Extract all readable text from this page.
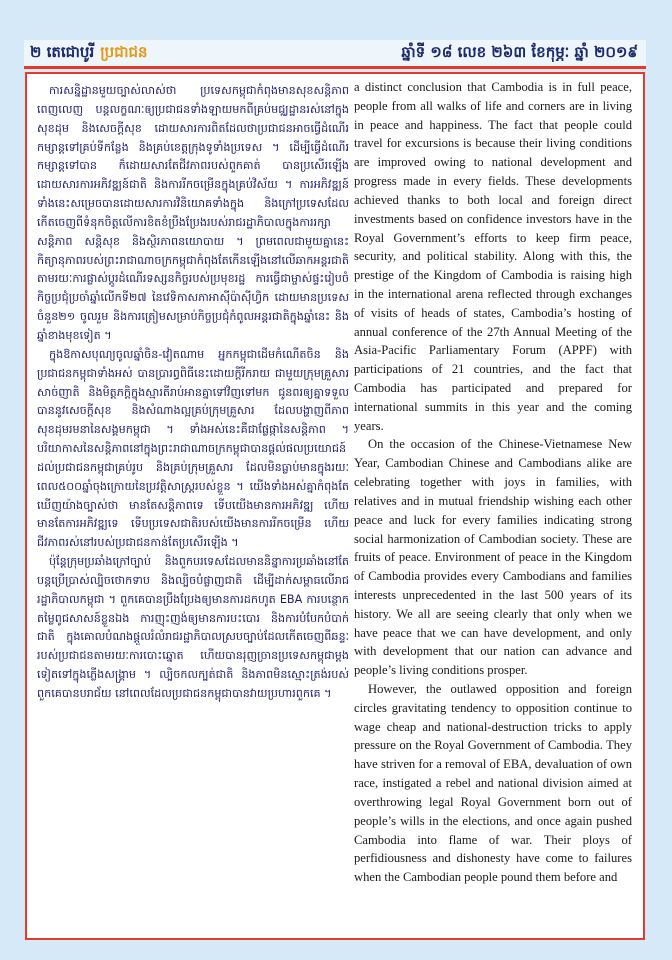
២ តេជោបូរី ប្រជាជន	ឆ្នាំទី ១៨ លេខ ២៦៣ ខែកុម្ភៈ ឆ្នាំ ២០១៩

ការសន្និដ្ឋានមួយច្បាស់លាស់ថា ប្រទេសកម្ពុជាកំពុងមានសុខសន្តិភាពពេញលេញ បន្តលក្ខណៈឲ្យប្រជាជនទាំងឡាយមកពីគ្រប់មជ្ឈដ្ឋានរស់នៅក្នុងសុខដុម និងសេចក្តីសុខ ដោយសារការពិតដែលថាប្រជាជនអាចធ្វើដំណើរកម្សាន្តទៅគ្រប់ទីកន្លែង និងគ្រប់ខេត្តក្រុងទូទាំងប្រទេស ។ ដើម្បីធ្វើដំណើរកម្សាន្តទៅបាន ក៏ដោយសារតែជីវភាពរបស់ពួកគាត់ បានប្រសើរឡើងដោយសារការអភិវឌ្ឍន៍ជាតិ និងការរីកចម្រើនក្នុងគ្រប់វិស័យ ។ ការអភិវឌ្ឍន៍ទាំងនេះសម្រេចបានដោយសារការវិនិយោគទាំងក្នុង និងក្រៅប្រទេសដែលកើតចេញពីទំនុកចិត្តលើការខិតខំប្រឹងប្រែងរបស់រាជរដ្ឋាភិបាលក្នុងការរក្សាសន្តិភាព សន្តិសុខ និងស្ថិរភាពនយោបាយ ។ ព្រមពេលជាមួយគ្នានេះ កិត្យានុភាពរបស់ព្រះរាជាណាចក្រកម្ពុជាកំពុងតែកើនឡើងនៅលើឆាកអន្តរជាតិ តាមរយៈការផ្លាស់ប្តូរដំណើរទស្សនកិច្ចរបស់ប្រមុខរដ្ឋ ការធ្វើជាម្ចាស់ផ្ទះរៀបចំកិច្ចប្រជុំប្រចាំឆ្នាំលើកទី២៧ នៃវេទិកាសភាអាស៊ីប៉ាស៊ីហ្វិក ដោយមានប្រទេសចំនួន២១ ចូលរួម និងការត្រៀមសម្រាប់កិច្ចប្រជុំកំពូលអន្តរជាតិក្នុងឆ្នាំនេះ និងឆ្នាំខាងមុខទៀត ។

ក្នុងឱកាសបុណ្យចូលឆ្នាំចិន-វៀតណាម អ្នកកម្ពុជាដើមកំណើតចិន និងប្រជាជនកម្ពុជាទាំងអស់ បានប្រារព្ធពិធីនេះដោយក្តីរីករាយ ជាមួយក្រុមគ្រួសារ សាច់ញាតិ និងមិត្តភក្តិក្នុងស្មារតីរាប់អានគ្នាទៅវិញទៅមក ជូនពរឲ្យគ្នាទទួលបាននូវសេចក្តីសុខ និងសំណាងល្អគ្រប់ក្រុមគ្រួសារ ដែលបង្ហាញពីភាពសុខដុមរមនានៃសង្គមកម្ពុជា ។ ទាំងអស់នេះគឺជាផ្លែផ្កានៃសន្តិភាព ។ បរិយាកាសនៃសន្តិភាពនៅក្នុងព្រះរាជាណាចក្រកម្ពុជាបានផ្តល់ផលប្រយោជន៍ដល់ប្រជាជនកម្ពុជាគ្រប់រូប និងគ្រប់ក្រុមគ្រួសារ ដែលមិនធ្លាប់មានក្នុងរយៈពេល៥០០ឆ្នាំចុងក្រោយនៃប្រវត្តិសាស្ត្ររបស់ខ្លួន ។ យើងទាំងអស់គ្នាកំពុងតែឃើញយ៉ាងច្បាស់ថា មានតែសន្តិភាពទេ ទើបយើងមានការអភិវឌ្ឍ ហើយមានតែការអភិវឌ្ឍទេ ទើបប្រទេសជាតិរបស់យើងមានការរីកចម្រើន ហើយជីវភាពរស់នៅរបស់ប្រជាជនកាន់តែប្រសើរឡើង ។

ប៉ុន្តែក្រុមប្រឆាំងក្រៅច្បាប់ និងពួកបរទេសដែលមាននិន្នាការប្រឆាំងនៅតែបន្តប្រើប្រាស់ល្បិចថោកទាប និងល្បិចបំផ្លាញជាតិ ដើម្បីដាក់សម្ពាធលើរាជរដ្ឋាភិបាលកម្ពុជា ។ ពួកគេបានប្រឹងប្រែងឲ្យមានការដកហូត EBA ការបន្ថោកតម្លៃពូជសាសន៍ខ្លួនឯង ការញុះញង់ឲ្យមានការបះបោរ និងការបំបែកបំបាក់ជាតិ ក្នុងគោលបំណងផ្តួលរំលំរាជរដ្ឋាភិបាលស្របច្បាប់ដែលកើតចេញពីឆន្ទៈរបស់ប្រជាជនតាមរយៈការបោះឆ្នោត ហើយបានរុញច្រានប្រទេសកម្ពុជាម្តងទៀតទៅក្នុងភ្លើងសង្គ្រាម ។ ល្បិចកលក្បត់ជាតិ និងភាពមិនស្មោះត្រង់របស់ពួកគេបានបរាជ័យ នៅពេលដែលប្រជាជនកម្ពុជាបានវាយប្រហារពួកគេ ។

a distinct conclusion that Cambodia is in full peace, people from all walks of life and corners are in living in peace and happiness. The fact that people could travel for excursions is because their living conditions are improved owing to national development and progress made in every fields. These developments achieved thanks to both local and foreign direct investments based on confidence investors have in the Royal Government’s efforts to keep firm peace, security, and political stability. Along with this, the prestige of the Kingdom of Cambodia is raising high in the international arena reflected through exchanges of visits of heads of states, Cambodia’s hosting of annual conference of the 27th Annual Meeting of the Asia-Pacific Parliamentary Forum (APPF) with participations of 21 countries, and the fact that Cambodia has participated and prepared for international summits in this year and the coming years.

On the occasion of the Chinese-Vietnamese New Year, Cambodian Chinese and Cambodians alike are celebrating together with joys in families, with relatives and in mutual friendship wishing each other peace and luck for every families indicating strong social harmonization of Cambodian society. These are fruits of peace. Environment of peace in the Kingdom of Cambodia provides every Cambodians and families interests unprecedented in the last 500 years of its history. We all are seeing clearly that only when we have peace that we can have development, and only with development that our nation can advance and people’s living conditions prosper.

However, the outlawed opposition and foreign circles gravitating tendency to opposition continue to wage cheap and national-destruction tricks to apply pressure on the Royal Government of Cambodia. They have striven for a removal of EBA, devaluation of own race, instigated a rebel and national division aimed at overthrowing legal Royal Government born out of people’s wills in the elections, and once again pushed Cambodia into flame of war. Their ploys of perfidiousness and dishonesty have come to failures when the Cambodian people pound them before and
